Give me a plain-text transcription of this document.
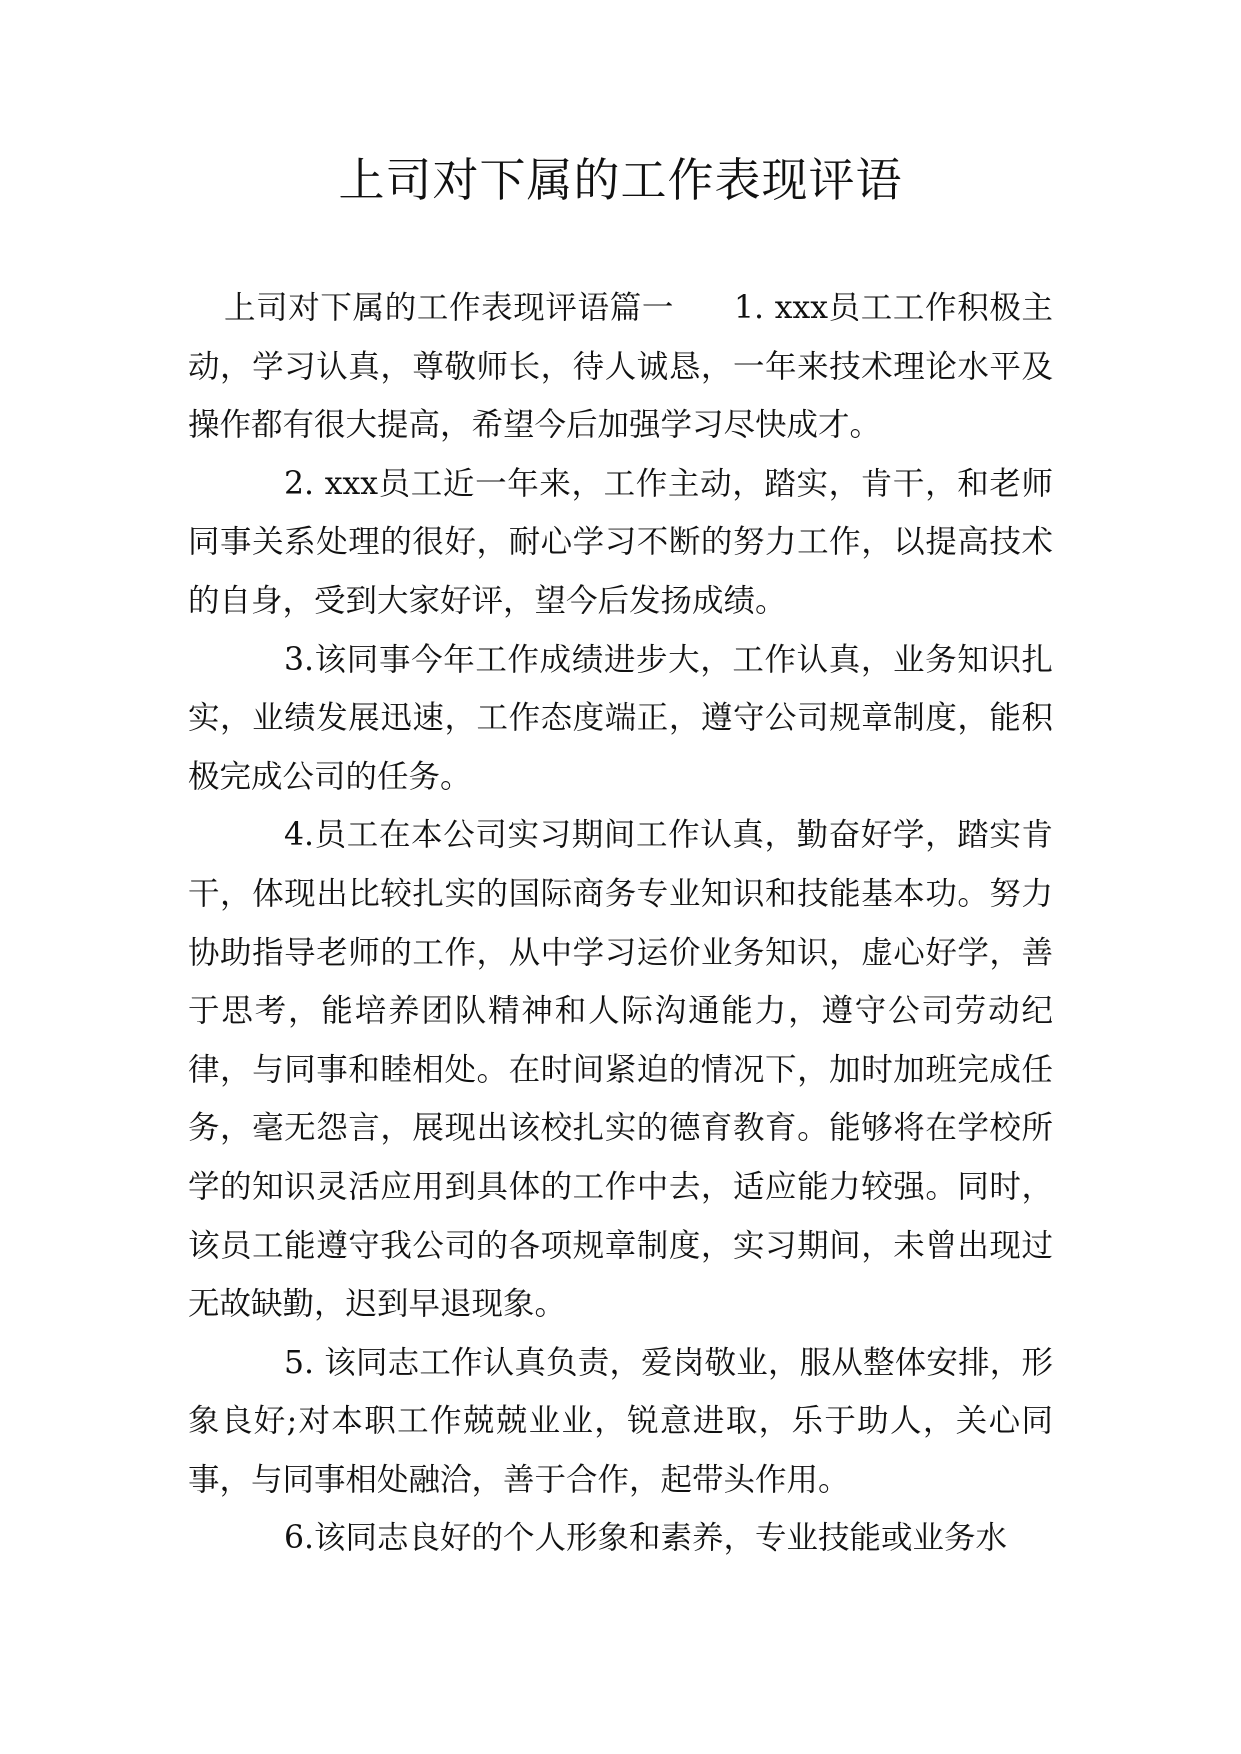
上司对下属的工作表现评语

上司对下属的工作表现评语篇一 1. xxx员工工作积极主动，学习认真，尊敬师长，待人诚恳，一年来技术理论水平及操作都有很大提高，希望今后加强学习尽快成才。

2. xxx员工近一年来，工作主动，踏实，肯干，和老师同事关系处理的很好，耐心学习不断的努力工作，以提高技术的自身，受到大家好评，望今后发扬成绩。

3.该同事今年工作成绩进步大，工作认真，业务知识扎实，业绩发展迅速，工作态度端正，遵守公司规章制度，能积极完成公司的任务。

4.员工在本公司实习期间工作认真，勤奋好学，踏实肯干，体现出比较扎实的国际商务专业知识和技能基本功。努力协助指导老师的工作，从中学习运价业务知识，虚心好学，善于思考，能培养团队精神和人际沟通能力，遵守公司劳动纪律，与同事和睦相处。在时间紧迫的情况下，加时加班完成任务，毫无怨言，展现出该校扎实的德育教育。能够将在学校所学的知识灵活应用到具体的工作中去，适应能力较强。同时，该员工能遵守我公司的各项规章制度，实习期间，未曾出现过无故缺勤，迟到早退现象。

5. 该同志工作认真负责，爱岗敬业，服从整体安排，形象良好;对本职工作兢兢业业，锐意进取，乐于助人，关心同事，与同事相处融洽，善于合作，起带头作用。

6.该同志良好的个人形象和素养，专业技能或业务水
